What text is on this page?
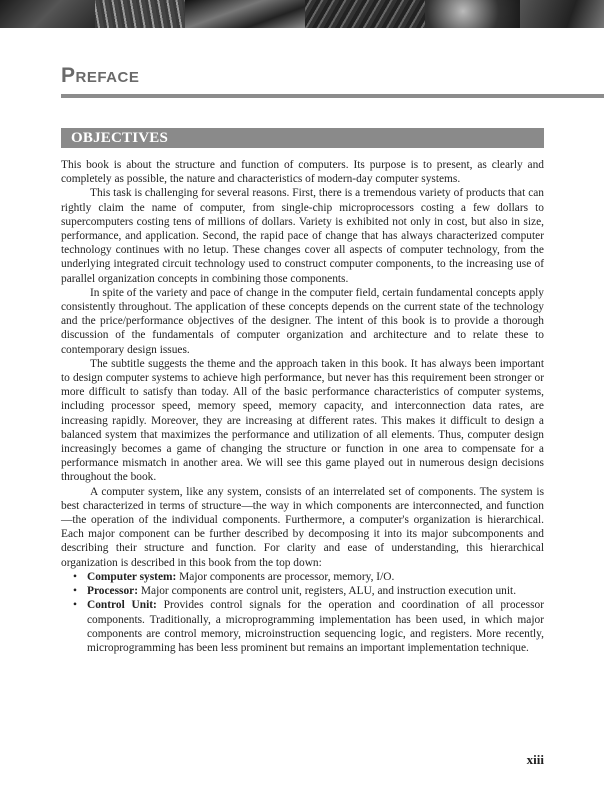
Preface
OBJECTIVES

This book is about the structure and function of computers. Its purpose is to present, as clearly and completely as possible, the nature and characteristics of modern-day computer systems.

This task is challenging for several reasons. First, there is a tremendous variety of products that can rightly claim the name of computer, from single-chip microprocessors costing a few dollars to supercomputers costing tens of millions of dollars. Variety is exhibited not only in cost, but also in size, performance, and application. Second, the rapid pace of change that has always characterized computer technology continues with no letup. These changes cover all aspects of computer technology, from the underlying integrated circuit technology used to construct computer components, to the increasing use of parallel organization concepts in combining those components.

In spite of the variety and pace of change in the computer field, certain fundamental concepts apply consistently throughout. The application of these concepts depends on the current state of the technology and the price/performance objectives of the designer. The intent of this book is to provide a thorough discussion of the fundamentals of computer organization and architecture and to relate these to contemporary design issues.

The subtitle suggests the theme and the approach taken in this book. It has always been important to design computer systems to achieve high performance, but never has this requirement been stronger or more difficult to satisfy than today. All of the basic performance characteristics of computer systems, including processor speed, memory speed, memory capacity, and interconnection data rates, are increasing rapidly. Moreover, they are increasing at different rates. This makes it difficult to design a balanced system that maximizes the performance and utilization of all elements. Thus, computer design increasingly becomes a game of changing the structure or function in one area to compensate for a performance mismatch in another area. We will see this game played out in numerous design decisions throughout the book.

A computer system, like any system, consists of an interrelated set of components. The system is best characterized in terms of structure—the way in which components are interconnected, and function—the operation of the individual components. Furthermore, a computer's organization is hierarchical. Each major component can be further described by decomposing it into its major subcomponents and describing their structure and function. For clarity and ease of understanding, this hierarchical organization is described in this book from the top down:

• Computer system: Major components are processor, memory, I/O.
• Processor: Major components are control unit, registers, ALU, and instruction execution unit.
• Control Unit: Provides control signals for the operation and coordination of all processor components. Traditionally, a microprogramming implementation has been used, in which major components are control memory, microinstruction sequencing logic, and registers. More recently, microprogramming has been less prominent but remains an important implementation technique.
xiii
